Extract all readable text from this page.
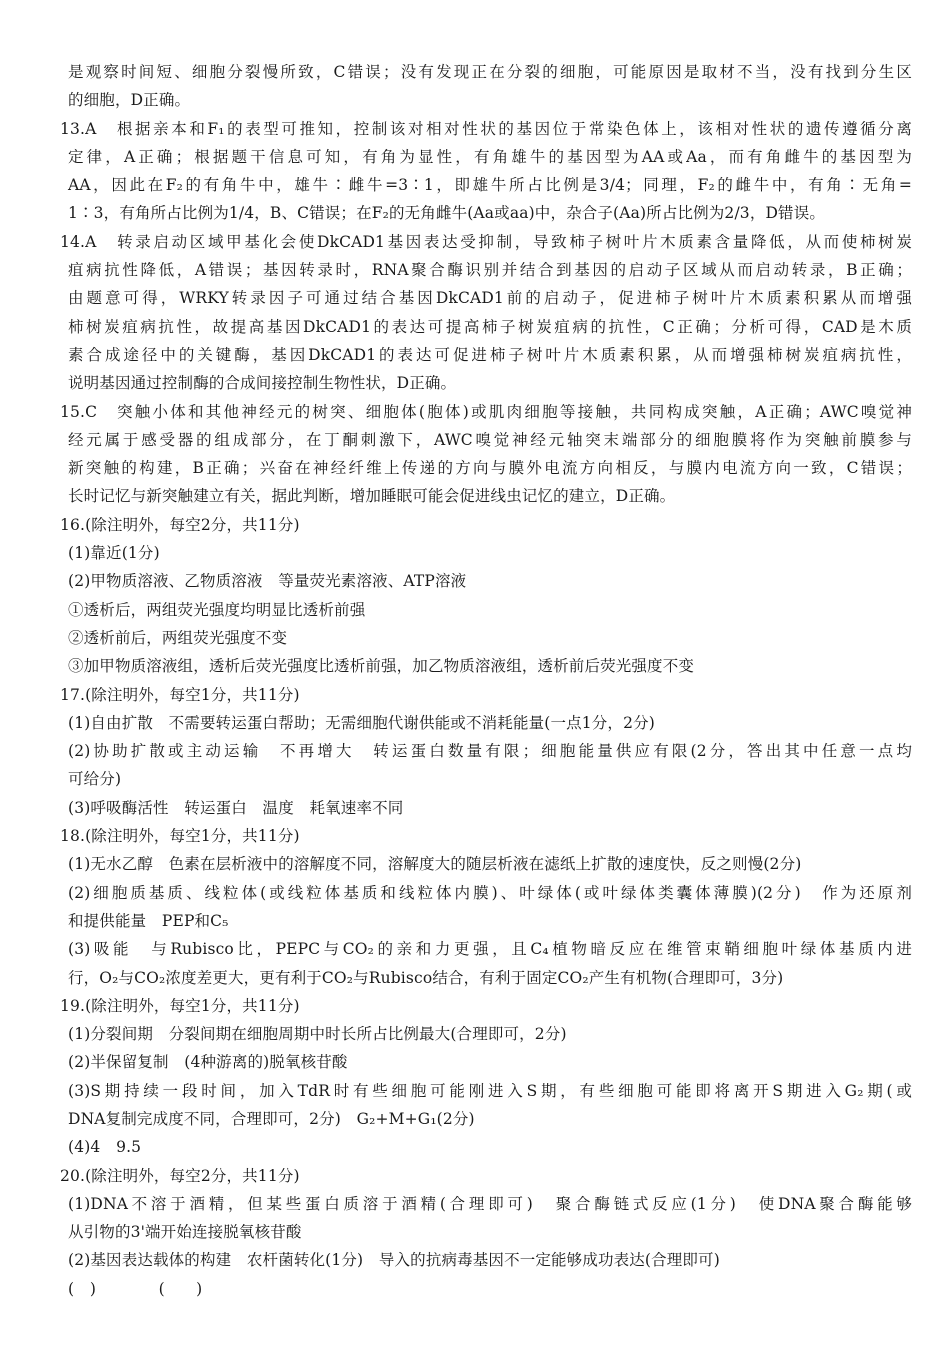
是观察时间短、细胞分裂慢所致，C错误；没有发现正在分裂的细胞，可能原因是取材不当，没有找到分生区
的细胞，D正确。
13.A　根据亲本和F₁的表型可推知，控制该对相对性状的基因位于常染色体上，该相对性状的遗传遵循分离
定律，A正确；根据题干信息可知，有角为显性，有角雄牛的基因型为AA或Aa，而有角雌牛的基因型为
AA，因此在F₂的有角牛中，雄牛∶雌牛=3∶1，即雄牛所占比例是3/4；同理，F₂的雌牛中，有角∶无角=
1∶3，有角所占比例为1/4，B、C错误；在F₂的无角雌牛(Aa或aa)中，杂合子(Aa)所占比例为2/3，D错误。
14.A　转录启动区域甲基化会使DkCAD1基因表达受抑制，导致柿子树叶片木质素含量降低，从而使柿树炭
疽病抗性降低，A错误；基因转录时，RNA聚合酶识别并结合到基因的启动子区域从而启动转录，B正确；
由题意可得，WRKY转录因子可通过结合基因DkCAD1前的启动子，促进柿子树叶片木质素积累从而增强
柿树炭疽病抗性，故提高基因DkCAD1的表达可提高柿子树炭疽病的抗性，C正确；分析可得，CAD是木质
素合成途径中的关键酶，基因DkCAD1的表达可促进柿子树叶片木质素积累，从而增强柿树炭疽病抗性，
说明基因通过控制酶的合成间接控制生物性状，D正确。
15.C　突触小体和其他神经元的树突、细胞体(胞体)或肌肉细胞等接触，共同构成突触，A正确；AWC嗅觉神
经元属于感受器的组成部分，在丁酮刺激下，AWC嗅觉神经元轴突末端部分的细胞膜将作为突触前膜参与
新突触的构建，B正确；兴奋在神经纤维上传递的方向与膜外电流方向相反，与膜内电流方向一致，C错误；
长时记忆与新突触建立有关，据此判断，增加睡眠可能会促进线虫记忆的建立，D正确。
16.(除注明外，每空2分，共11分)
(1)靠近(1分)
(2)甲物质溶液、乙物质溶液　等量荧光素溶液、ATP溶液
①透析后，两组荧光强度均明显比透析前强
②透析前后，两组荧光强度不变
③加甲物质溶液组，透析后荧光强度比透析前强，加乙物质溶液组，透析前后荧光强度不变
17.(除注明外，每空1分，共11分)
(1)自由扩散　不需要转运蛋白帮助；无需细胞代谢供能或不消耗能量(一点1分，2分)
(2)协助扩散或主动运输　不再增大　转运蛋白数量有限；细胞能量供应有限(2分，答出其中任意一点均
可给分)
(3)呼吸酶活性　转运蛋白　温度　耗氧速率不同
18.(除注明外，每空1分，共11分)
(1)无水乙醇　色素在层析液中的溶解度不同，溶解度大的随层析液在滤纸上扩散的速度快，反之则慢(2分)
(2)细胞质基质、线粒体(或线粒体基质和线粒体内膜)、叶绿体(或叶绿体类囊体薄膜)(2分)　作为还原剂
和提供能量　PEP和C₅
(3)吸能　与Rubisco比，PEPC与CO₂的亲和力更强，且C₄植物暗反应在维管束鞘细胞叶绿体基质内进
行，O₂与CO₂浓度差更大，更有利于CO₂与Rubisco结合，有利于固定CO₂产生有机物(合理即可，3分)
19.(除注明外，每空1分，共11分)
(1)分裂间期　分裂间期在细胞周期中时长所占比例最大(合理即可，2分)
(2)半保留复制　(4种游离的)脱氧核苷酸
(3)S期持续一段时间，加入TdR时有些细胞可能刚进入S期，有些细胞可能即将离开S期进入G₂期(或
DNA复制完成度不同，合理即可，2分)　G₂+M+G₁(2分)
(4)4　9.5
20.(除注明外，每空2分，共11分)
(1)DNA不溶于酒精，但某些蛋白质溶于酒精(合理即可)　聚合酶链式反应(1分)　使DNA聚合酶能够
从引物的3'端开始连接脱氧核苷酸
(2)基因表达载体的构建　农杆菌转化(1分)　导入的抗病毒基因不一定能够成功表达(合理即可)
(　)　　　　(　　)
